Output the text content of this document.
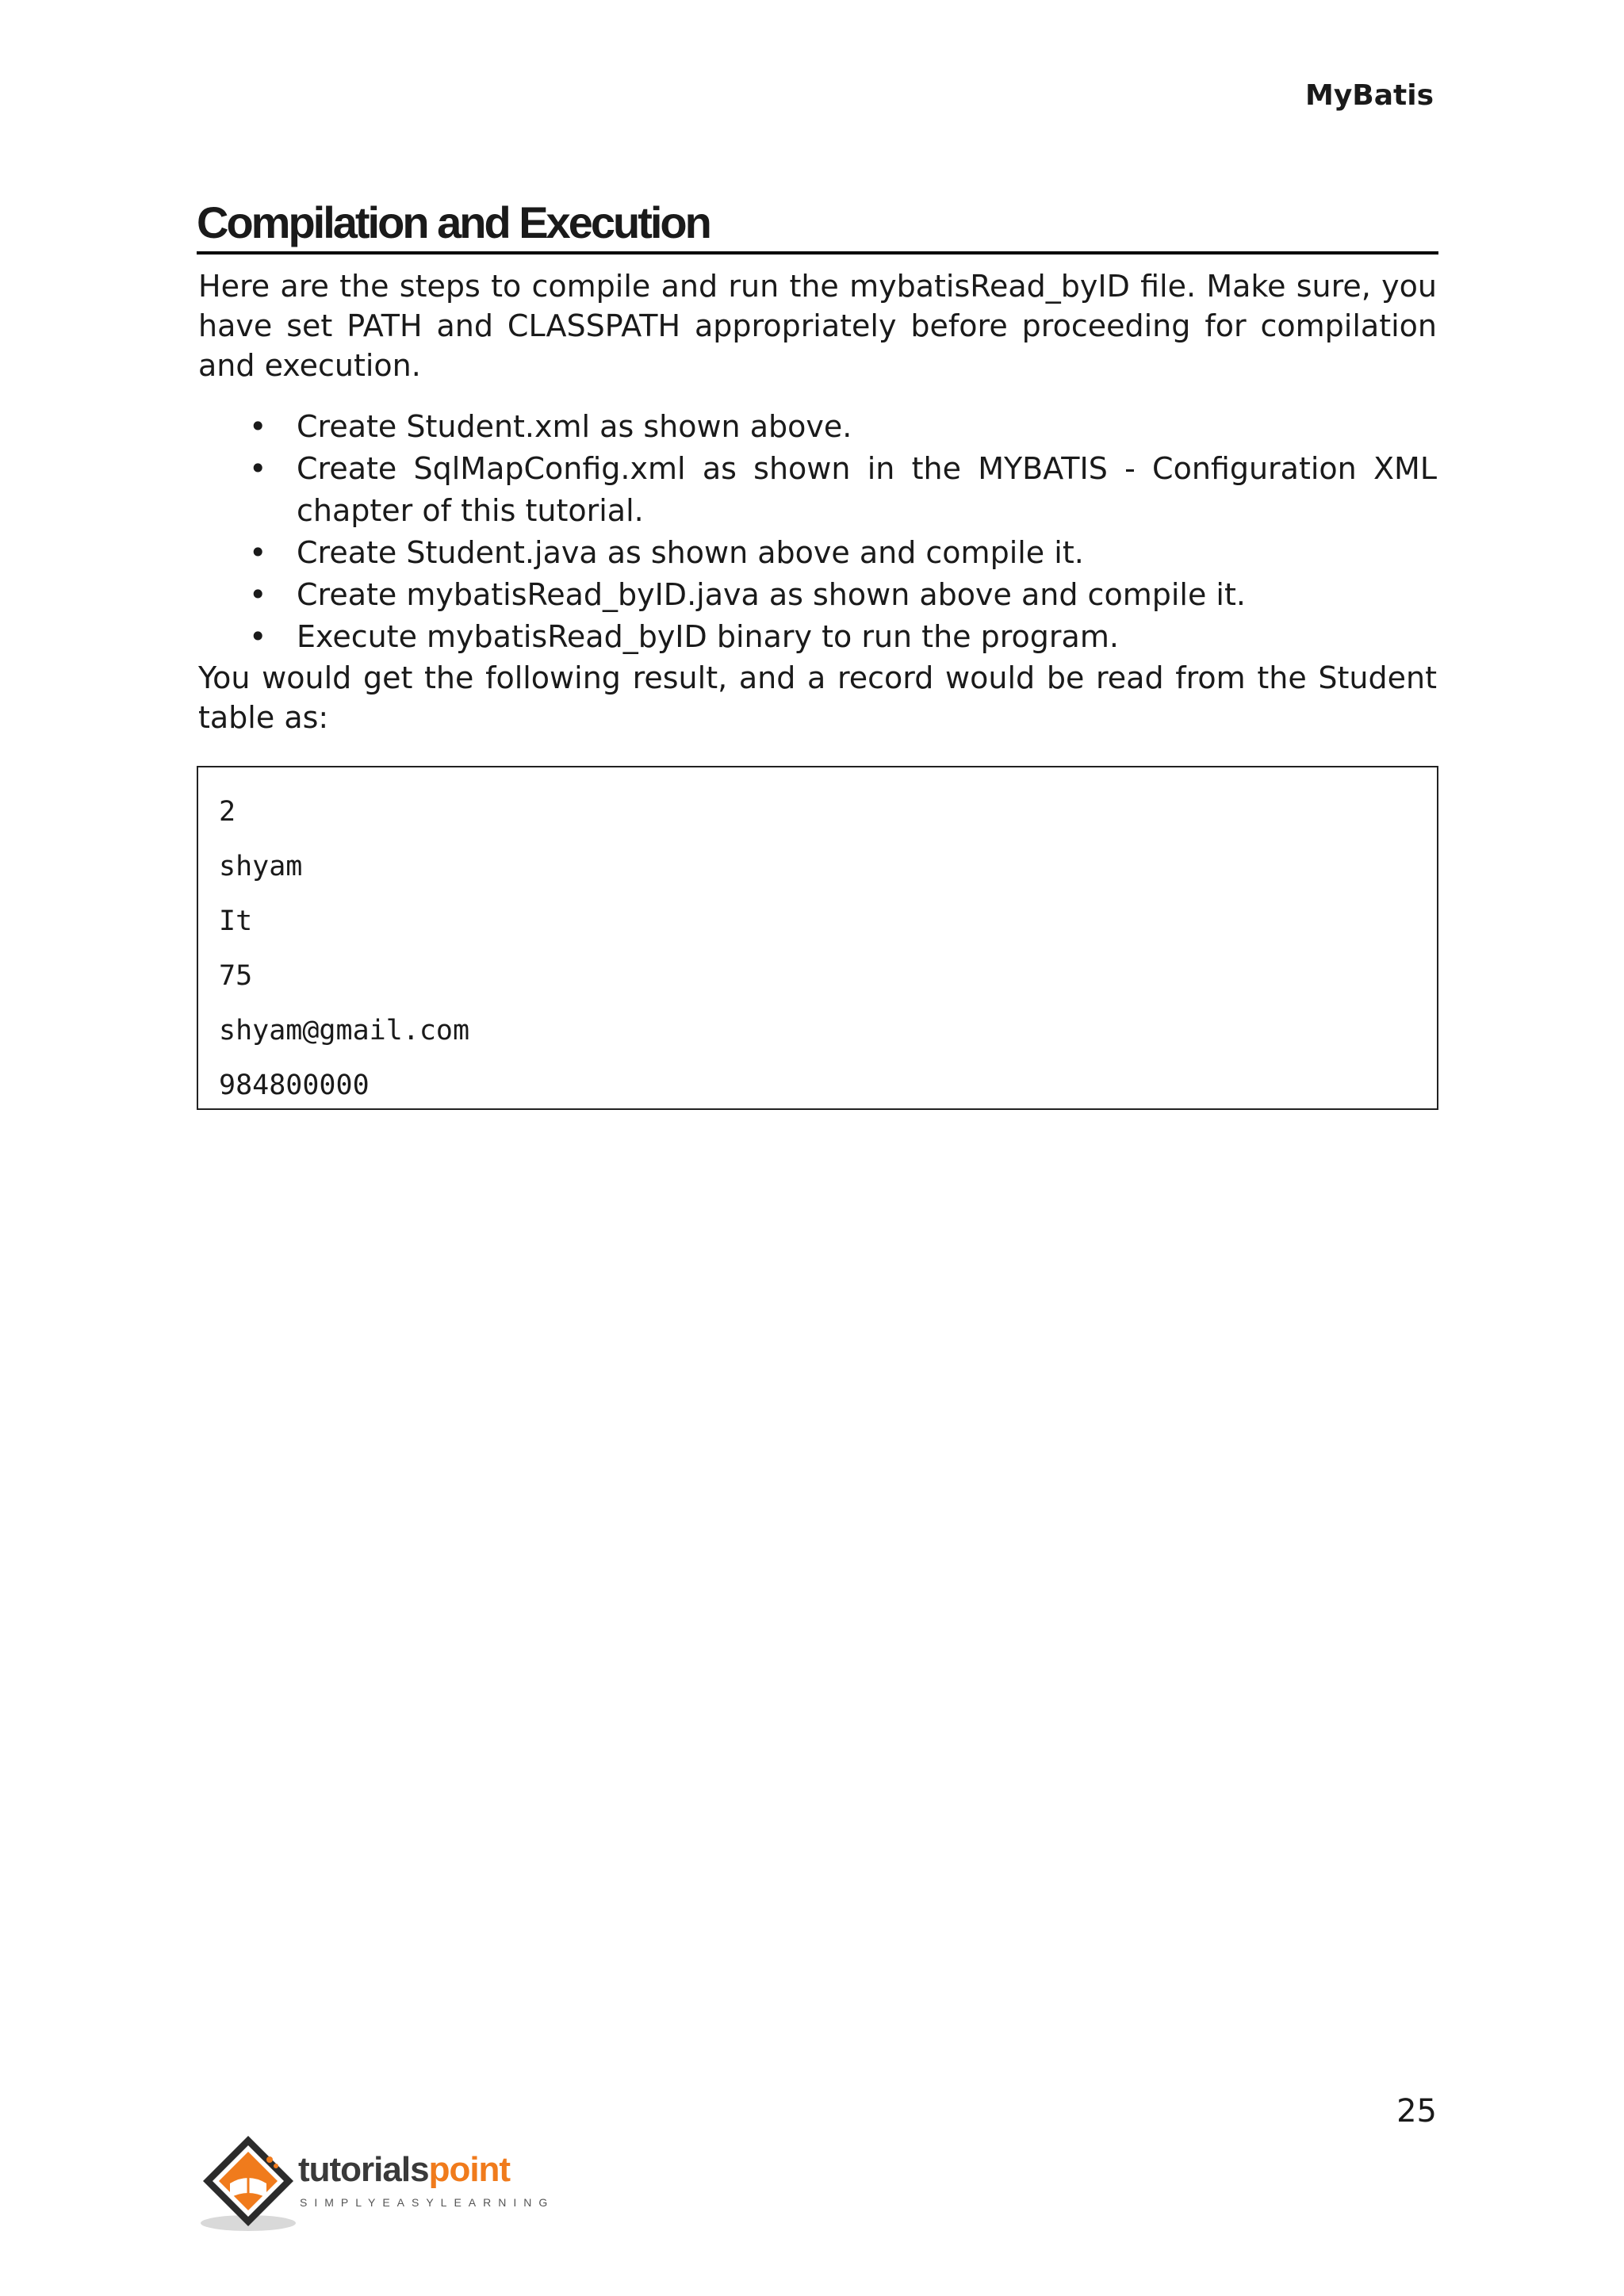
MyBatis
Compilation and Execution

Here are the steps to compile and run the mybatisRead_byID file. Make sure, you have set PATH and CLASSPATH appropriately before proceeding for compilation and execution.

• Create Student.xml as shown above.
• Create SqlMapConfig.xml as shown in the MYBATIS - Configuration XML chapter of this tutorial.
• Create Student.java as shown above and compile it.
• Create mybatisRead_byID.java as shown above and compile it.
• Execute mybatisRead_byID binary to run the program.

You would get the following result, and a record would be read from the Student table as:

2
shyam
It
75
shyam@gmail.com
984800000
25
tutorialspoint
SIMPLYEASYLEARNING
